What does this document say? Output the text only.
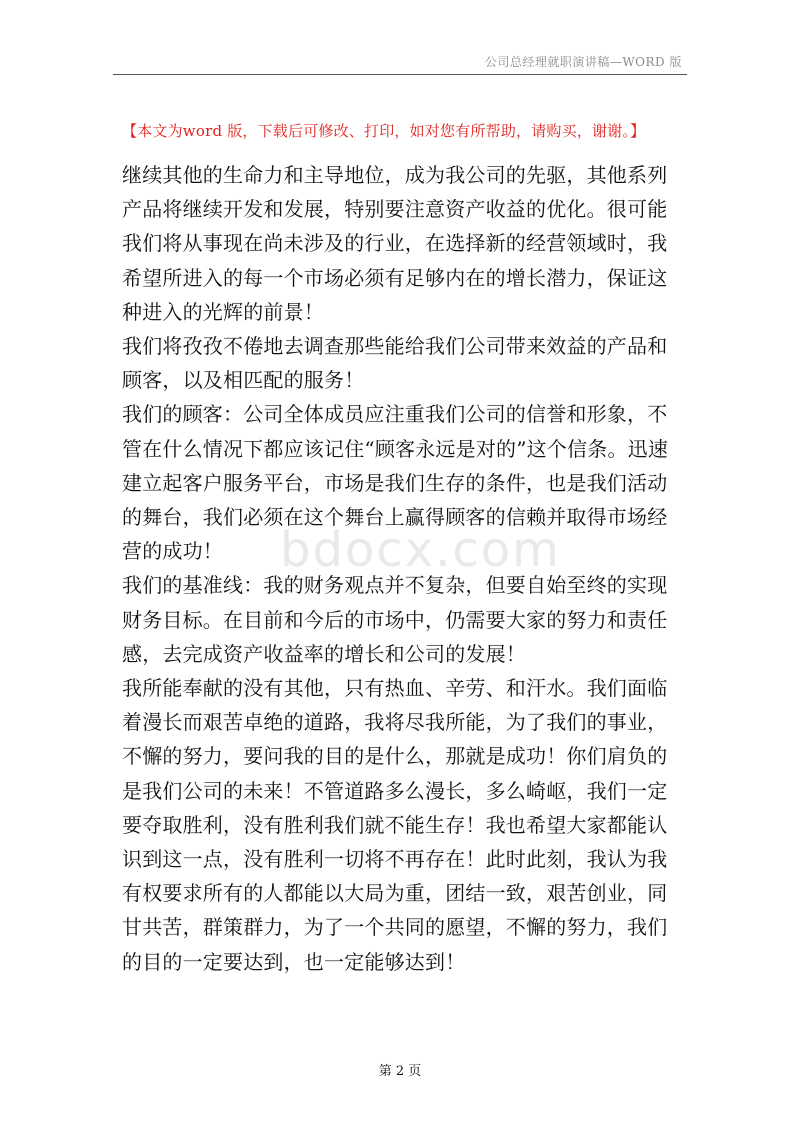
公司总经理就职演讲稿—WORD 版
【本文为word 版，下载后可修改、打印，如对您有所帮助，请购买，谢谢。】
bdocx.com

继续其他的生命力和主导地位，成为我公司的先驱，其他系列产品将继续开发和发展，特别要注意资产收益的优化。很可能我们将从事现在尚未涉及的行业，在选择新的经营领域时，我希望所进入的每一个市场必须有足够内在的增长潜力，保证这种进入的光辉的前景！

我们将孜孜不倦地去调查那些能给我们公司带来效益的产品和顾客，以及相匹配的服务！

我们的顾客：公司全体成员应注重我们公司的信誉和形象，不管在什么情况下都应该记住“顾客永远是对的”这个信条。迅速建立起客户服务平台，市场是我们生存的条件，也是我们活动的舞台，我们必须在这个舞台上赢得顾客的信赖并取得市场经营的成功！

我们的基准线：我的财务观点并不复杂，但要自始至终的实现财务目标。在目前和今后的市场中，仍需要大家的努力和责任感，去完成资产收益率的增长和公司的发展！

我所能奉献的没有其他，只有热血、辛劳、和汗水。我们面临着漫长而艰苦卓绝的道路，我将尽我所能，为了我们的事业，不懈的努力，要问我的目的是什么，那就是成功！你们肩负的是我们公司的未来！不管道路多么漫长，多么崎岖，我们一定要夺取胜利，没有胜利我们就不能生存！我也希望大家都能认识到这一点，没有胜利一切将不再存在！此时此刻，我认为我有权要求所有的人都能以大局为重，团结一致，艰苦创业，同甘共苦，群策群力，为了一个共同的愿望，不懈的努力，我们的目的一定要达到，也一定能够达到！

第 2 页
